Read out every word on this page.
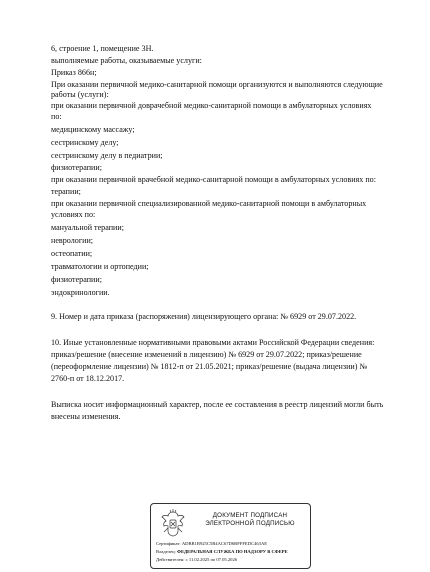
6, строение 1, помещение 3Н.
выполняемые работы, оказываемые услуги:
Приказ 866н;
При оказании первичной медико-санитарной помощи организуются и выполняются следующие
работы (услуги):
при оказании первичной доврачебной медико-санитарной помощи в амбулаторных условиях
по:
медицинскому массажу;
сестринскому делу;
сестринскому делу в педиатрии;
физиотерапии;
при оказании первичной врачебной медико-санитарной помощи в амбулаторных условиях по:
терапии;
при оказании первичной специализированной медико-санитарной помощи в амбулаторных
условиях по:
мануальной терапии;
неврологии;
остеопатии;
травматологии и ортопедии;
физиотерапии;
эндокринологии.
9. Номер и дата приказа (распоряжения) лицензирующего органа: № 6929 от 29.07.2022.
10. Иные установленные нормативными правовыми актами Российской Федерации сведения:
приказ/решение (внесение изменений в лицензию) № 6929 от 29.07.2022; приказ/решение
(переоформление лицензии) № 1812-п от 21.05.2021; приказ/решение (выдача лицензии) №
2760-п от 18.12.2017.
Выписка носит информационный характер, после ее составления в реестр лицензий могли быть
внесены изменения.
ДОКУМЕНТ ПОДПИСАН
ЭЛЕКТРОННОЙ ПОДПИСЬЮ
Сертификат: ADBB1B925C5B4AC67D6BFFFEDC463AE
Владелец: ФЕДЕРАЛЬНАЯ СЛУЖБА ПО НАДЗОРУ В СФЕРЕ
Действителен: с 11.02.2025 по 07.05.2026
